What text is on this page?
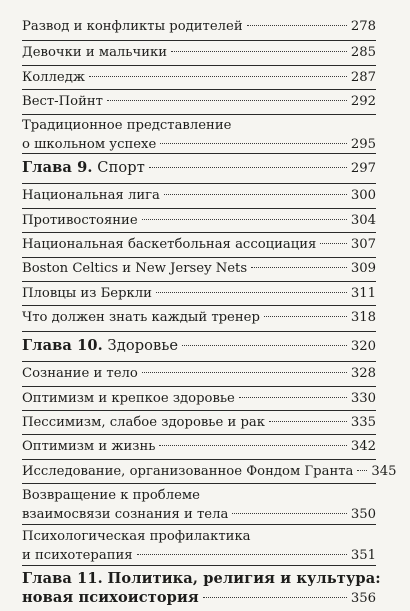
Развод и конфликты родителей	278
Девочки и мальчики	285
Колледж	287
Вест-Пойнт	292
Традиционное представление
о школьном успехе	295
Глава 9. Спорт	297
Национальная лига	300
Противостояние	304
Национальная баскетбольная ассоциация	307
Boston Celtics и New Jersey Nets	309
Пловцы из Беркли	311
Что должен знать каждый тренер	318
Глава 10. Здоровье	320
Сознание и тело	328
Оптимизм и крепкое здоровье	330
Пессимизм, слабое здоровье и рак	335
Оптимизм и жизнь	342
Исследование, организованное Фондом Гранта 345
Возвращение к проблеме
взаимосвязи сознания и тела	350
Психологическая профилактика
и психотерапия	351
Глава 11. Политика, религия и культура:
новая психоистория	356
